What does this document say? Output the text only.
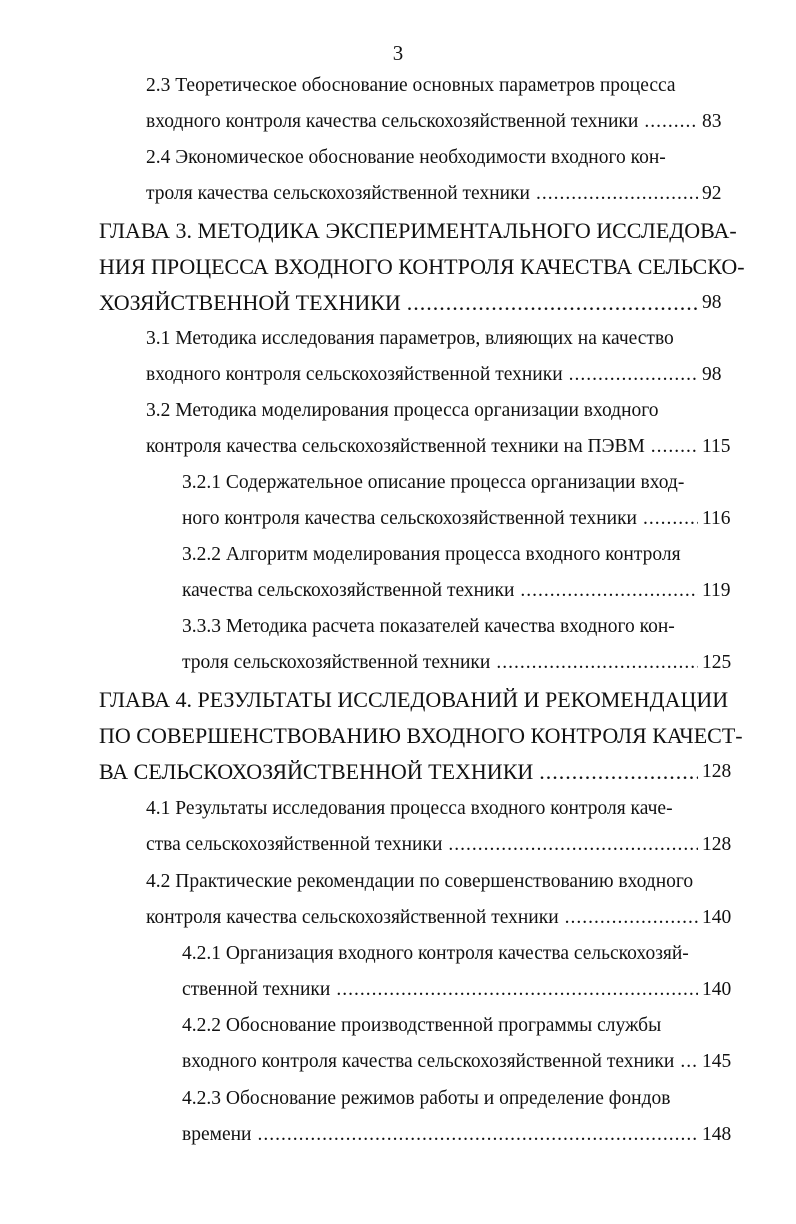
3
2.3 Теоретическое обоснование основных параметров процесса
входного контроля качества сельскохозяйственной техники .....	83
2.4 Экономическое обоснование необходимости входного кон-
троля качества сельскохозяйственной техники .....	92
ГЛАВА 3. МЕТОДИКА ЭКСПЕРИМЕНТАЛЬНОГО ИССЛЕДОВА-
НИЯ ПРОЦЕССА ВХОДНОГО КОНТРОЛЯ КАЧЕСТВА СЕЛЬСКО-
ХОЗЯЙСТВЕННОЙ ТЕХНИКИ .....	98
3.1 Методика исследования параметров, влияющих на качество
входного контроля сельскохозяйственной техники .....	98
3.2 Методика моделирования процесса организации входного
контроля качества сельскохозяйственной техники на ПЭВМ .....	115
3.2.1 Содержательное описание процесса организации вход-
ного контроля качества сельскохозяйственной техники .....	116
3.2.2 Алгоритм моделирования процесса входного контроля
качества сельскохозяйственной техники .....	119
3.3.3 Методика расчета показателей качества входного кон-
троля сельскохозяйственной техники .....	125
ГЛАВА 4. РЕЗУЛЬТАТЫ ИССЛЕДОВАНИЙ И РЕКОМЕНДАЦИИ
ПО СОВЕРШЕНСТВОВАНИЮ ВХОДНОГО КОНТРОЛЯ КАЧЕСТ-
ВА СЕЛЬСКОХОЗЯЙСТВЕННОЙ ТЕХНИКИ .....	128
4.1 Результаты исследования процесса входного контроля каче-
ства сельскохозяйственной техники .....	128
4.2 Практические рекомендации по совершенствованию входного
контроля качества сельскохозяйственной техники .....	140
4.2.1 Организация входного контроля качества сельскохозяй-
ственной техники .....	140
4.2.2 Обоснование производственной программы службы
входного контроля качества сельскохозяйственной техники ..... 145
4.2.3 Обоснование режимов работы и определение фондов
времени .....	148
